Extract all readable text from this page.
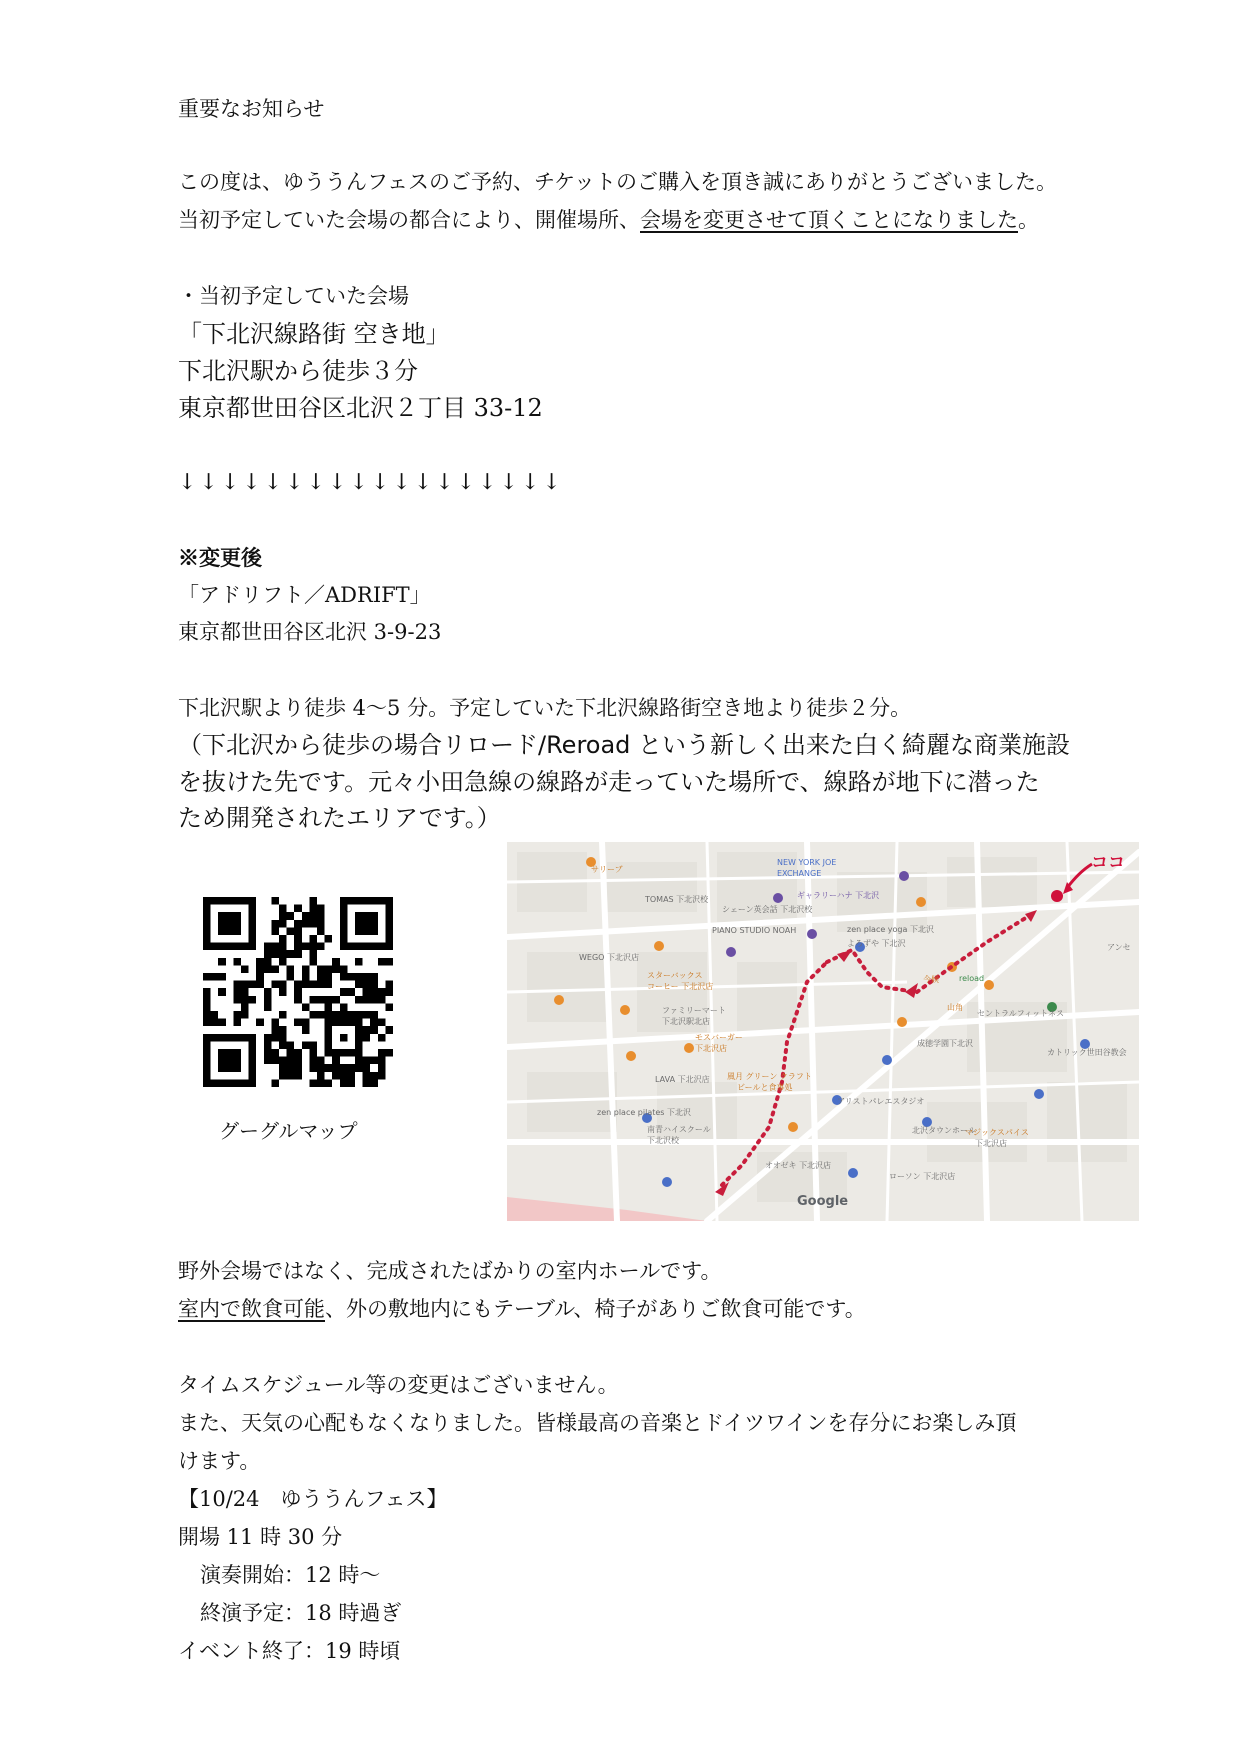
重要なお知らせ
この度は、ゆううんフェスのご予約、チケットのご購入を頂き誠にありがとうございました。
当初予定していた会場の都合により、開催場所、会場を変更させて頂くことになりました。
・当初予定していた会場
「下北沢線路街 空き地」
下北沢駅から徒歩３分
東京都世田谷区北沢２丁目 33-12
↓↓↓↓↓↓↓↓↓↓↓↓↓↓↓↓↓↓
※変更後
「アドリフト／ADRIFT」
東京都世田谷区北沢 3-9-23
下北沢駅より徒歩 4〜5 分。予定していた下北沢線路街空き地より徒歩２分。
（下北沢から徒歩の場合リロード/Reroad という新しく出来た白く綺麗な商業施設
を抜けた先です。元々小田急線の線路が走っていた場所で、線路が地下に潜った
ため開発されたエリアです。）
グーグルマップ
ココ
サリーブ
NEW YORK JOE
EXCHANGE
ギャラリーハナ 下北沢
TOMAS 下北沢校
シェーン英会話 下北沢校
PIANO STUDIO NOAH	zen place yoga 下北沢
よろずや 下北沢
WEGO 下北沢店
スターバックス
コーヒー 下北沢店
ファミリーマート
下北沢駅北店
モスバーガー
下北沢店
LAVA 下北沢店
zen place pilates 下北沢
南青ハイスクール
下北沢校
風月 グリーン クラフト
ビールと食事処
アリストパレエスタジオ
北沢タウンホール
マジックスパイス
下北沢店
ローソン 下北沢店
オオゼキ 下北沢店
カトリック世田谷教会
セントラルフィットネス
reload
今候
山角
成徳学園下北沢
アンセ
Google
野外会場ではなく、完成されたばかりの室内ホールです。
室内で飲食可能、外の敷地内にもテーブル、椅子がありご飲食可能です。
タイムスケジュール等の変更はございません。
また、天気の心配もなくなりました。皆様最高の音楽とドイツワインを存分にお楽しみ頂
けます。
【10/24　ゆううんフェス】
開場 11 時 30 分
演奏開始：12 時〜
終演予定：18 時過ぎ
イベント終了：19 時頃
